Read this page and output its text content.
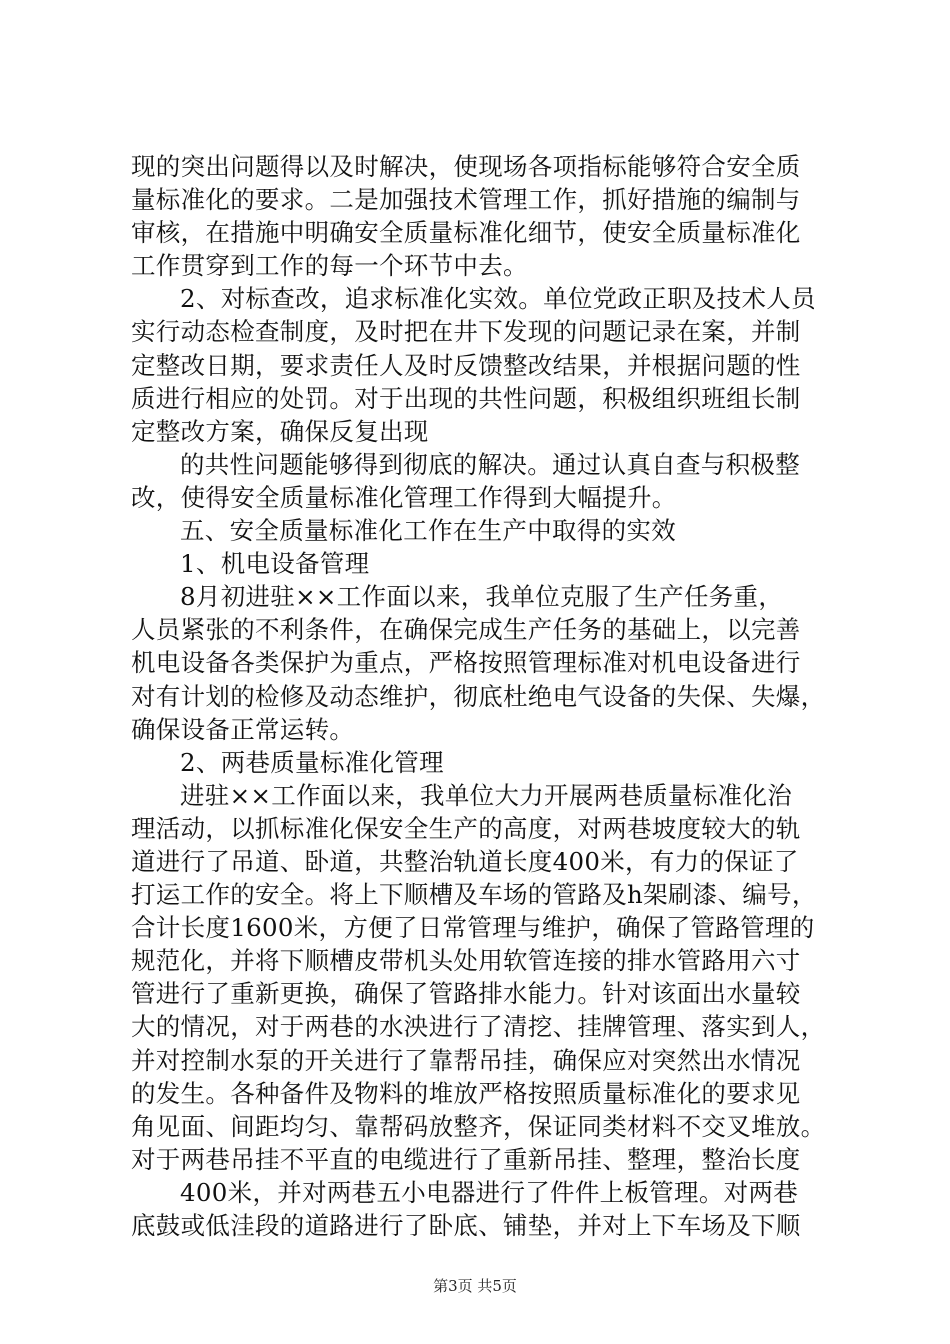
现的突出问题得以及时解决，使现场各项指标能够符合安全质
量标准化的要求。二是加强技术管理工作，抓好措施的编制与
审核，在措施中明确安全质量标准化细节，使安全质量标准化
工作贯穿到工作的每一个环节中去。
2、对标查改，追求标准化实效。单位党政正职及技术人员
实行动态检查制度，及时把在井下发现的问题记录在案，并制
定整改日期，要求责任人及时反馈整改结果，并根据问题的性
质进行相应的处罚。对于出现的共性问题，积极组织班组长制
定整改方案，确保反复出现
的共性问题能够得到彻底的解决。通过认真自查与积极整
改，使得安全质量标准化管理工作得到大幅提升。
五、安全质量标准化工作在生产中取得的实效
1、机电设备管理
8月初进驻××工作面以来，我单位克服了生产任务重，
人员紧张的不利条件，在确保完成生产任务的基础上，以完善
机电设备各类保护为重点，严格按照管理标准对机电设备进行
对有计划的检修及动态维护，彻底杜绝电气设备的失保、失爆，
确保设备正常运转。
2、两巷质量标准化管理
进驻××工作面以来，我单位大力开展两巷质量标准化治
理活动，以抓标准化保安全生产的高度，对两巷坡度较大的轨
道进行了吊道、卧道，共整治轨道长度400米，有力的保证了
打运工作的安全。将上下顺槽及车场的管路及h架刷漆、编号，
合计长度1600米，方便了日常管理与维护，确保了管路管理的
规范化，并将下顺槽皮带机头处用软管连接的排水管路用六寸
管进行了重新更换，确保了管路排水能力。针对该面出水量较
大的情况，对于两巷的水泱进行了清挖、挂牌管理、落实到人，
并对控制水泵的开关进行了靠帮吊挂，确保应对突然出水情况
的发生。各种备件及物料的堆放严格按照质量标准化的要求见
角见面、间距均匀、靠帮码放整齐，保证同类材料不交叉堆放。
对于两巷吊挂不平直的电缆进行了重新吊挂、整理，整治长度
400米，并对两巷五小电器进行了件件上板管理。对两巷
底鼓或低洼段的道路进行了卧底、铺垫，并对上下车场及下顺
第3页 共5页
